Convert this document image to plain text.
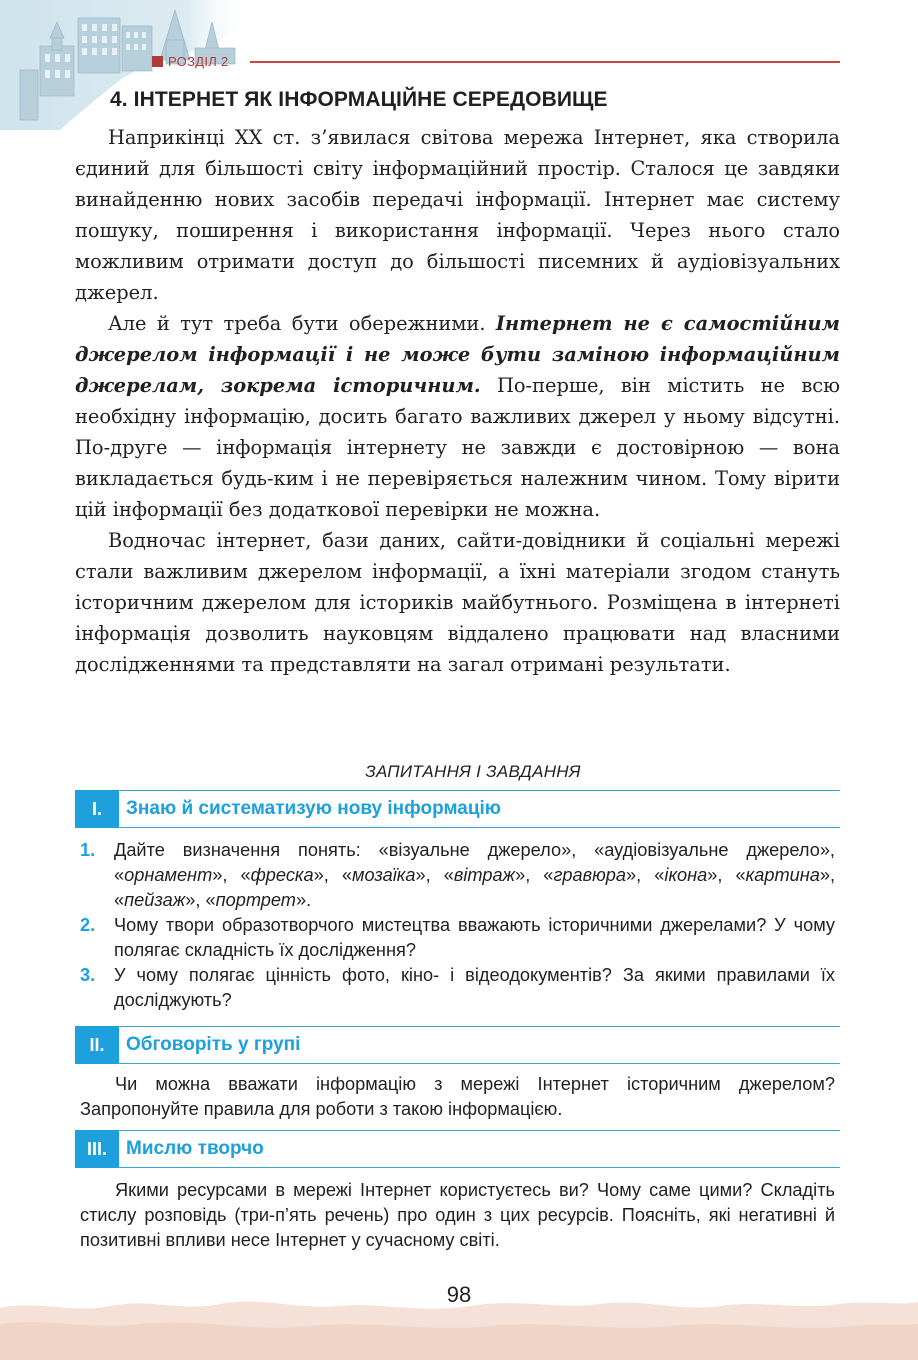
РОЗДІЛ 2
4. ІНТЕРНЕТ ЯК ІНФОРМАЦІЙНЕ СЕРЕДОВИЩЕ

Наприкінці XX ст. з’явилася світова мережа Інтернет, яка створила єдиний для більшості світу інформаційний простір. Сталося це завдяки винайденню нових засобів передачі інформації. Інтернет має систему пошуку, поширення і використання інформації. Через нього стало можливим отримати доступ до більшості писемних й аудіовізуальних джерел.

Але й тут треба бути обережними. Інтернет не є самостійним джерелом інформації і не може бути заміною інформаційним джерелам, зокрема історичним. По-перше, він містить не всю необхідну інформацію, досить багато важливих джерел у ньому відсутні. По-друге — інформація інтернету не завжди є достовірною — вона викладається будь-ким і не перевіряється належним чином. Тому вірити цій інформації без додаткової перевірки не можна.

Водночас інтернет, бази даних, сайти-довідники й соціальні мережі стали важливим джерелом інформації, а їхні матеріали згодом стануть історичним джерелом для істориків майбутнього. Розміщена в інтернеті інформація дозволить науковцям віддалено працювати над власними дослідженнями та представляти на загал отримані результати.

ЗАПИТАННЯ І ЗАВДАННЯ
I.	Знаю й систематизую нову інформацію
1.	Дайте визначення понять: «візуальне джерело», «аудіовізуальне джерело», «орнамент», «фреска», «мозаїка», «вітраж», «гравюра», «ікона», «картина», «пейзаж», «портрет».
2.	Чому твори образотворчого мистецтва вважають історичними джерелами? У чому полягає складність їх дослідження?
3.	У чому полягає цінність фото, кіно- і відеодокументів? За якими правилами їх досліджують?
II.	Обговоріть у групі

Чи можна вважати інформацію з мережі Інтернет історичним джерелом? Запропонуйте правила для роботи з такою інформацією.

III.	Мислю творчо

Якими ресурсами в мережі Інтернет користуєтесь ви? Чому саме цими? Складіть стислу розповідь (три-п’ять речень) про один з цих ресурсів. Поясніть, які негативні й позитивні впливи несе Інтернет у сучасному світі.

98
